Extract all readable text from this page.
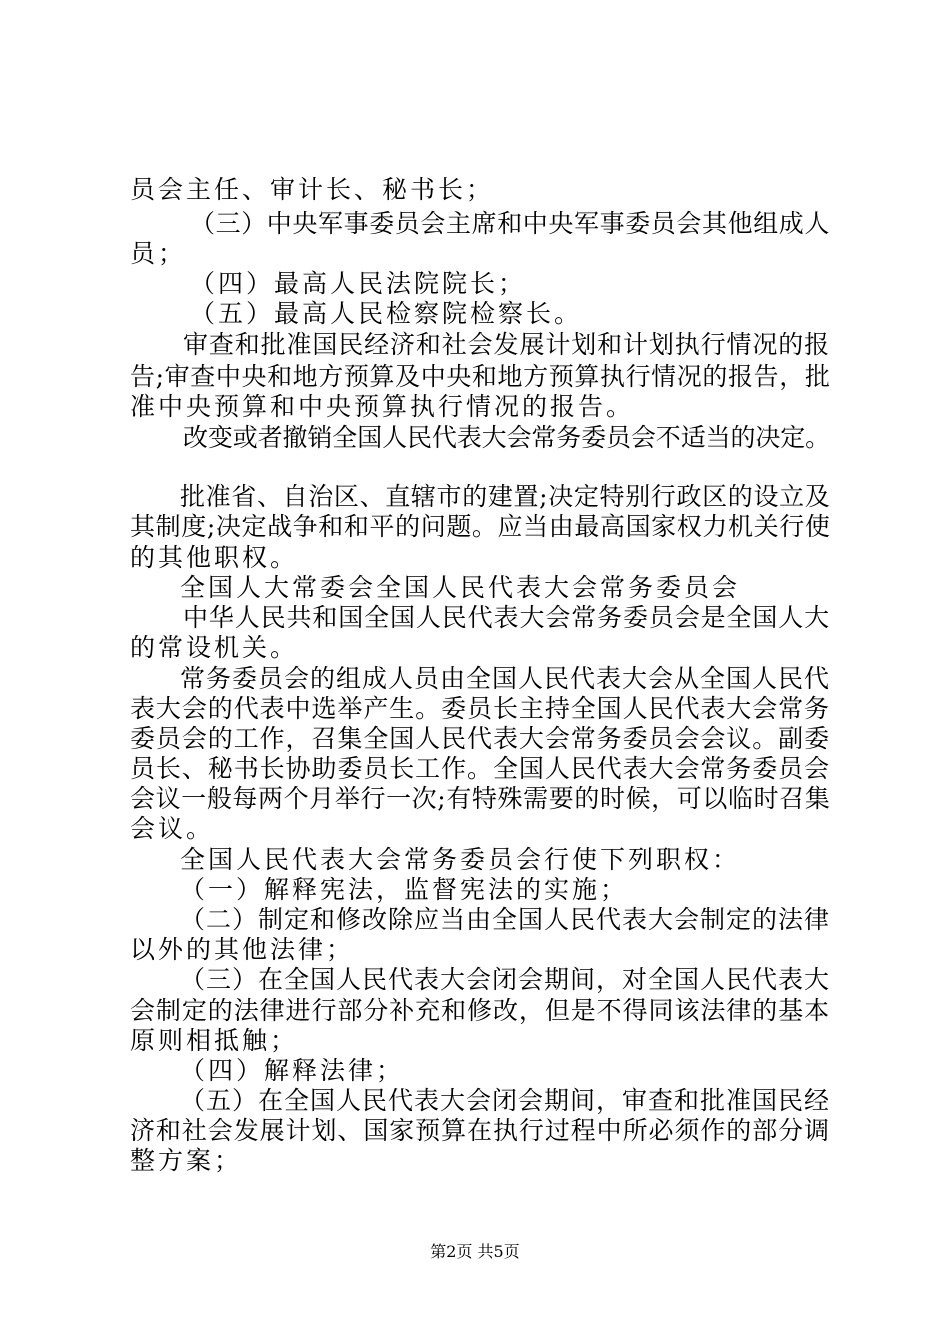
员会主任、审计长、秘书长；
（三）中央军事委员会主席和中央军事委员会其他组成人
员；
（四）最高人民法院院长；
（五）最高人民检察院检察长。
审查和批准国民经济和社会发展计划和计划执行情况的报
告;审查中央和地方预算及中央和地方预算执行情况的报告，批
准中央预算和中央预算执行情况的报告。
改变或者撤销全国人民代表大会常务委员会不适当的决定。
批准省、自治区、直辖市的建置;决定特别行政区的设立及
其制度;决定战争和和平的问题。应当由最高国家权力机关行使
的其他职权。
全国人大常委会全国人民代表大会常务委员会
中华人民共和国全国人民代表大会常务委员会是全国人大
的常设机关。
常务委员会的组成人员由全国人民代表大会从全国人民代
表大会的代表中选举产生。委员长主持全国人民代表大会常务
委员会的工作，召集全国人民代表大会常务委员会会议。副委
员长、秘书长协助委员长工作。全国人民代表大会常务委员会
会议一般每两个月举行一次;有特殊需要的时候，可以临时召集
会议。
全国人民代表大会常务委员会行使下列职权：
（一）解释宪法，监督宪法的实施；
（二）制定和修改除应当由全国人民代表大会制定的法律
以外的其他法律；
（三）在全国人民代表大会闭会期间，对全国人民代表大
会制定的法律进行部分补充和修改，但是不得同该法律的基本
原则相抵触；
（四）解释法律；
（五）在全国人民代表大会闭会期间，审查和批准国民经
济和社会发展计划、国家预算在执行过程中所必须作的部分调
整方案；
第2页 共5页
